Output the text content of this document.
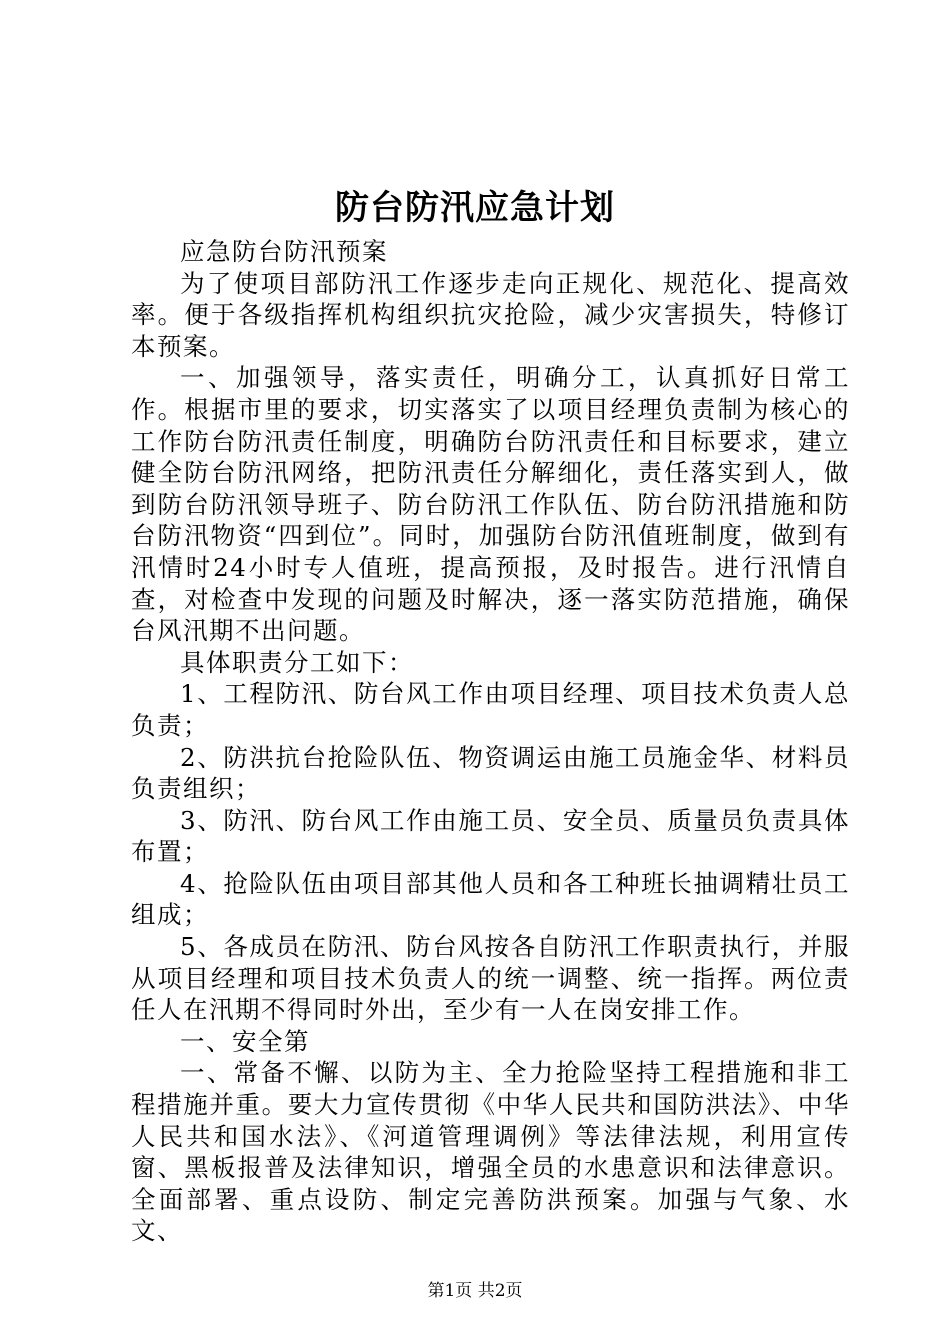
防台防汛应急计划

应急防台防汛预案

为了使项目部防汛工作逐步走向正规化、规范化、提高效率。便于各级指挥机构组织抗灾抢险，减少灾害损失，特修订本预案。

一、加强领导，落实责任，明确分工，认真抓好日常工作。根据市里的要求，切实落实了以项目经理负责制为核心的工作防台防汛责任制度，明确防台防汛责任和目标要求，建立健全防台防汛网络，把防汛责任分解细化，责任落实到人，做到防台防汛领导班子、防台防汛工作队伍、防台防汛措施和防台防汛物资“四到位”。同时，加强防台防汛值班制度，做到有汛情时24小时专人值班，提高预报，及时报告。进行汛情自查，对检查中发现的问题及时解决，逐一落实防范措施，确保台风汛期不出问题。

具体职责分工如下：

1、工程防汛、防台风工作由项目经理、项目技术负责人总负责；

2、防洪抗台抢险队伍、物资调运由施工员施金华、材料员负责组织；

3、防汛、防台风工作由施工员、安全员、质量员负责具体布置；

4、抢险队伍由项目部其他人员和各工种班长抽调精壮员工组成；

5、各成员在防汛、防台风按各自防汛工作职责执行，并服从项目经理和项目技术负责人的统一调整、统一指挥。两位责任人在汛期不得同时外出，至少有一人在岗安排工作。

一、安全第

一、常备不懈、以防为主、全力抢险坚持工程措施和非工程措施并重。要大力宣传贯彻《中华人民共和国防洪法》、中华人民共和国水法》、《河道管理调例》等法律法规，利用宣传窗、黑板报普及法律知识，增强全员的水患意识和法律意识。全面部署、重点设防、制定完善防洪预案。加强与气象、水文、

第1页 共2页
